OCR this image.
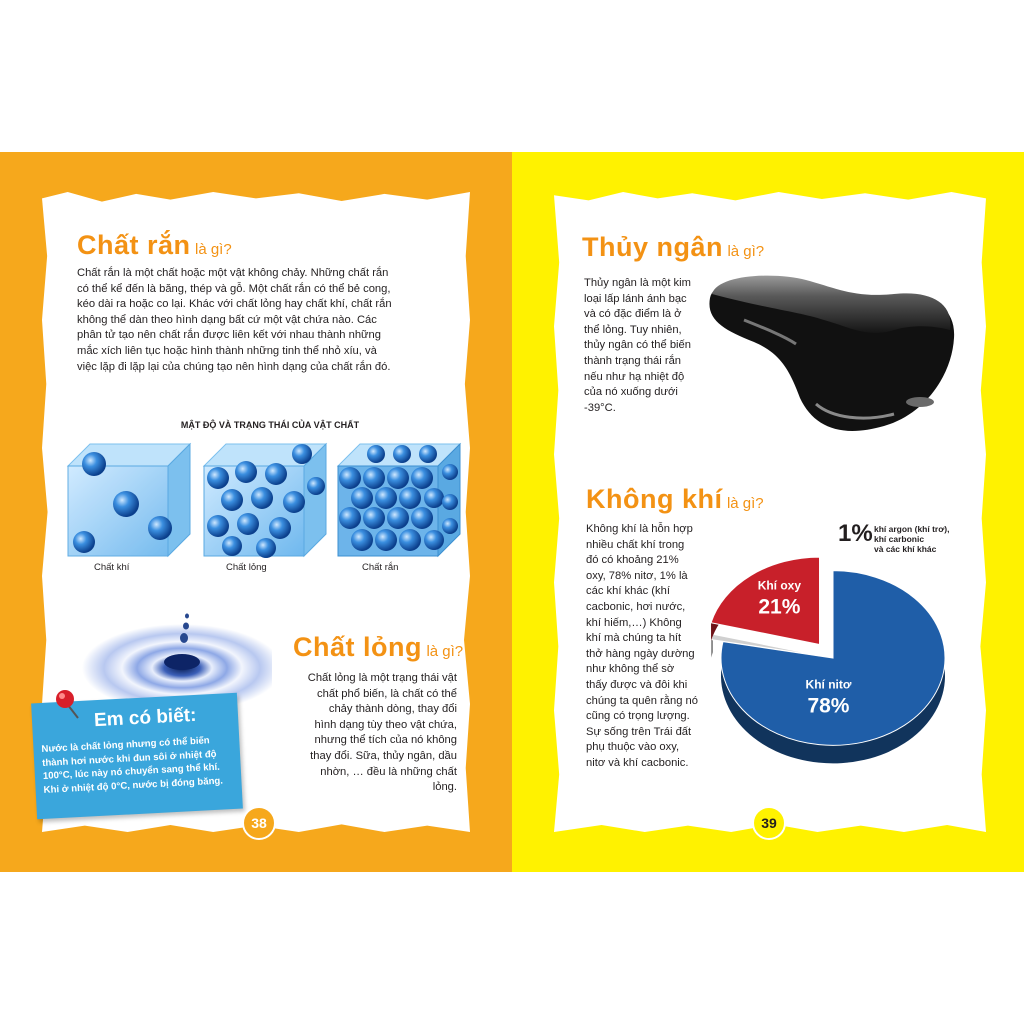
Chất rắn là gì?

Chất rắn là một chất hoặc một vật không chảy. Những chất rắn có thể kể đến là băng, thép và gỗ. Một chất rắn có thể bẻ cong, kéo dài ra hoặc co lại. Khác với chất lỏng hay chất khí, chất rắn không thể dàn theo hình dạng bất cứ một vật chứa nào. Các phân tử tạo nên chất rắn được liên kết với nhau thành những mắc xích liên tục hoặc hình thành những tinh thể nhỏ xíu, và việc lặp đi lặp lại của chúng tạo nên hình dạng của chất rắn đó.

MẬT ĐỘ VÀ TRẠNG THÁI CỦA VẬT CHẤT
Chất khí	Chất lỏng	Chất rắn
Chất lỏng là gì?

Chất lỏng là một trạng thái vật chất phổ biến, là chất có thể chảy thành dòng, thay đổi hình dạng tùy theo vật chứa, nhưng thể tích của nó không thay đổi. Sữa, thủy ngân, dầu nhờn, … đều là những chất lỏng.

Em có biết:
Nước là chất lỏng nhưng có thể biến thành hơi nước khi đun sôi ở nhiệt độ 100°C, lúc này nó chuyển sang thể khí. Khi ở nhiệt độ 0°C, nước bị đóng băng.
38
Thủy ngân là gì?

Thủy ngân là một kim loại lấp lánh ánh bạc và có đặc điểm là ở thể lỏng. Tuy nhiên, thủy ngân có thể biến thành trạng thái rắn nếu như hạ nhiệt độ của nó xuống dưới -39°C.

Không khí là gì?

Không khí là hỗn hợp nhiều chất khí trong đó có khoảng 21% oxy, 78% nitơ, 1% là các khí khác (khí cacbonic, hơi nước, khí hiếm,…) Không khí mà chúng ta hít thở hàng ngày dường như không thể sờ thấy được và đôi khi chúng ta quên rằng nó cũng có trọng lượng. Sự sống trên Trái đất phụ thuộc vào oxy, nitơ và khí cacbonic.

Khí nitơ
78%
Khí oxy
21%
1% khí argon (khí trơ),
khí carbonic
và các khí khác
39
